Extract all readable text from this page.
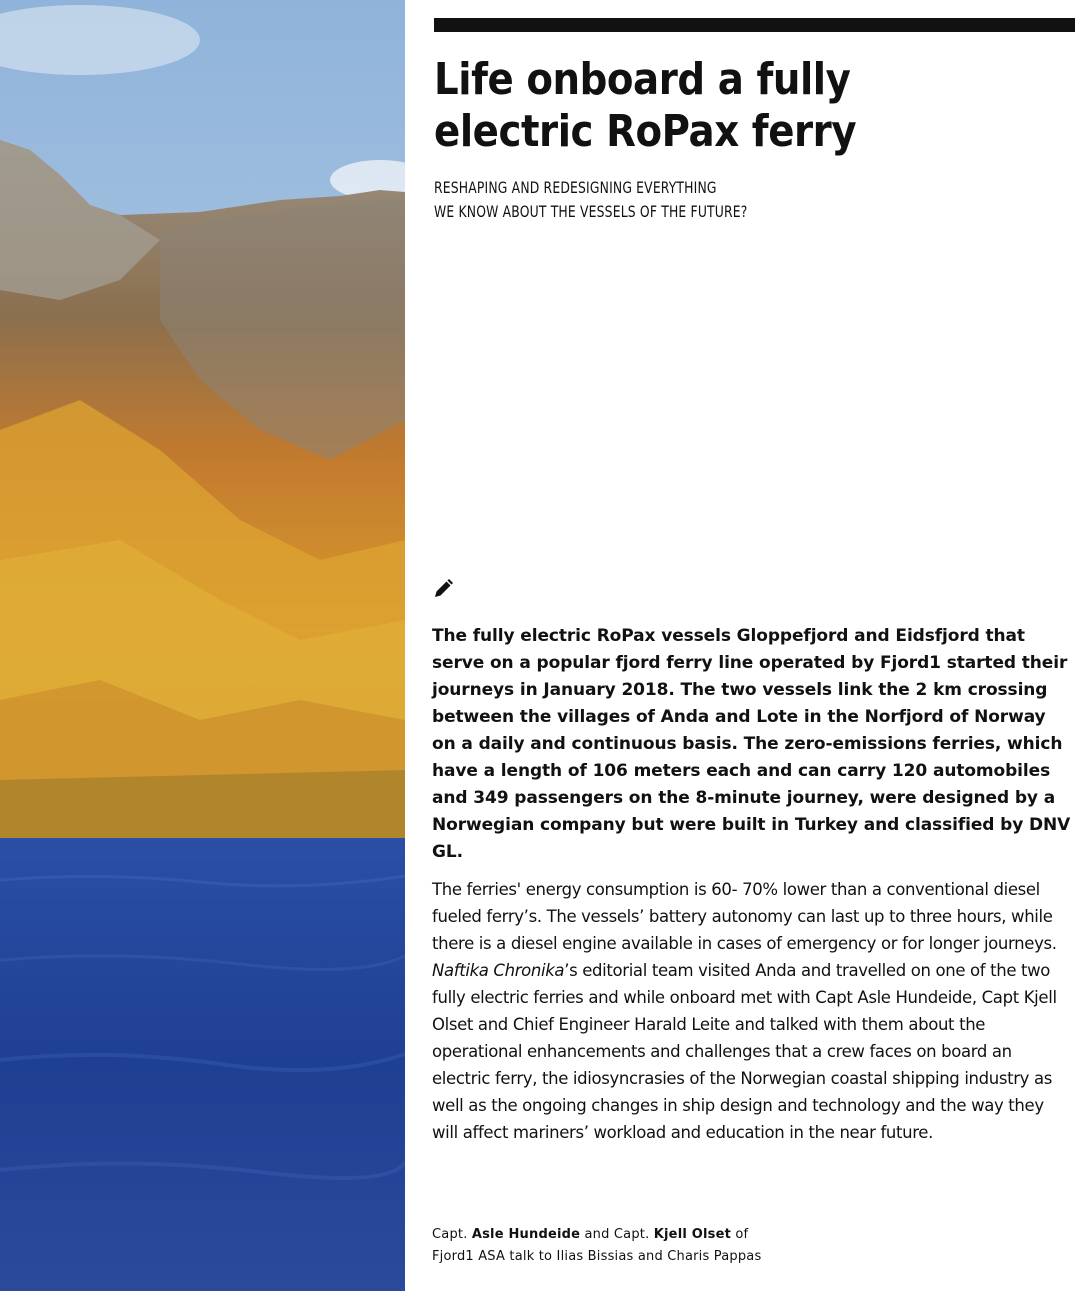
Life onboard a fully electric RoPax ferry

RESHAPING AND REDESIGNING EVERYTHING
WE KNOW ABOUT THE VESSELS OF THE FUTURE?

The fully electric RoPax vessels Gloppefjord and Eidsfjord that serve on a popular fjord ferry line operated by Fjord1 started their journeys in January 2018. The two vessels link the 2 km crossing between the villages of Anda and Lote in the Norfjord of Norway on a daily and continuous basis. The zero-emissions ferries, which have a length of 106 meters each and can carry 120 automobiles and 349 passengers on the 8-minute journey, were designed by a Norwegian company but were built in Turkey and classified by DNV GL.

The ferries' energy consumption is 60- 70% lower than a conventional diesel fueled ferry’s. The vessels’ battery autonomy can last up to three hours, while there is a diesel engine available in cases of emergency or for longer journeys. Naftika Chronika’s editorial team visited Anda and travelled on one of the two fully electric ferries and while onboard met with Capt Asle Hundeide, Capt Kjell Olset and Chief Engineer Harald Leite and talked with them about the operational enhancements and challenges that a crew faces on board an electric ferry, the idiosyncrasies of the Norwegian coastal shipping industry as well as the ongoing changes in ship design and technology and the way they will affect mariners’ workload and education in the near future.

Capt. Asle Hundeide and Capt. Kjell Olset of Fjord1 ASA talk to Ilias Bissias and Charis Pappas
